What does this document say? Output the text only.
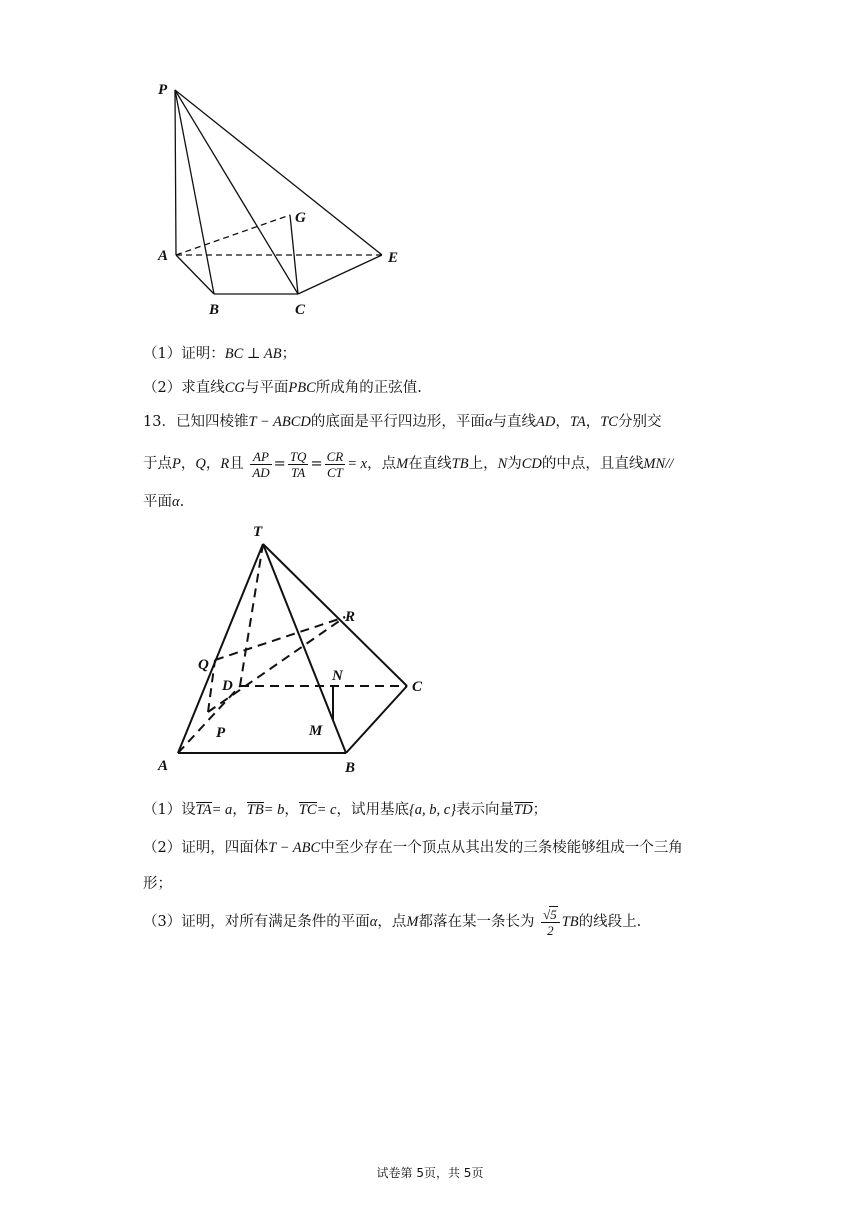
P
G
A	E
B	C
（1）证明：BC ⊥ AB；
（2）求直线CG与平面PBC所成角的正弦值.
13．已知四棱锥T − ABCD的底面是平行四边形，平面α与直线AD，TA，TC分别交
于点P，Q，R且 $\frac{AP}{AD} = \frac{TQ}{TA} = \frac{CR}{CT} = x$，点M在直线TB上，N为CD的中点，且直线MN//
平面α.
T
R
Q
D
N
C
P	M
A	B
（1）设TA= a，TB= b，TC= c，试用基底{a, b, c}表示向量TD；
（2）证明，四面体T − ABC中至少存在一个顶点从其出发的三条棱能够组成一个三角
形；
（3）证明，对所有满足条件的平面α，点M都落在某一条长为 $\frac{√5}{2}$ TB的线段上.
试卷第 5页，共 5页
